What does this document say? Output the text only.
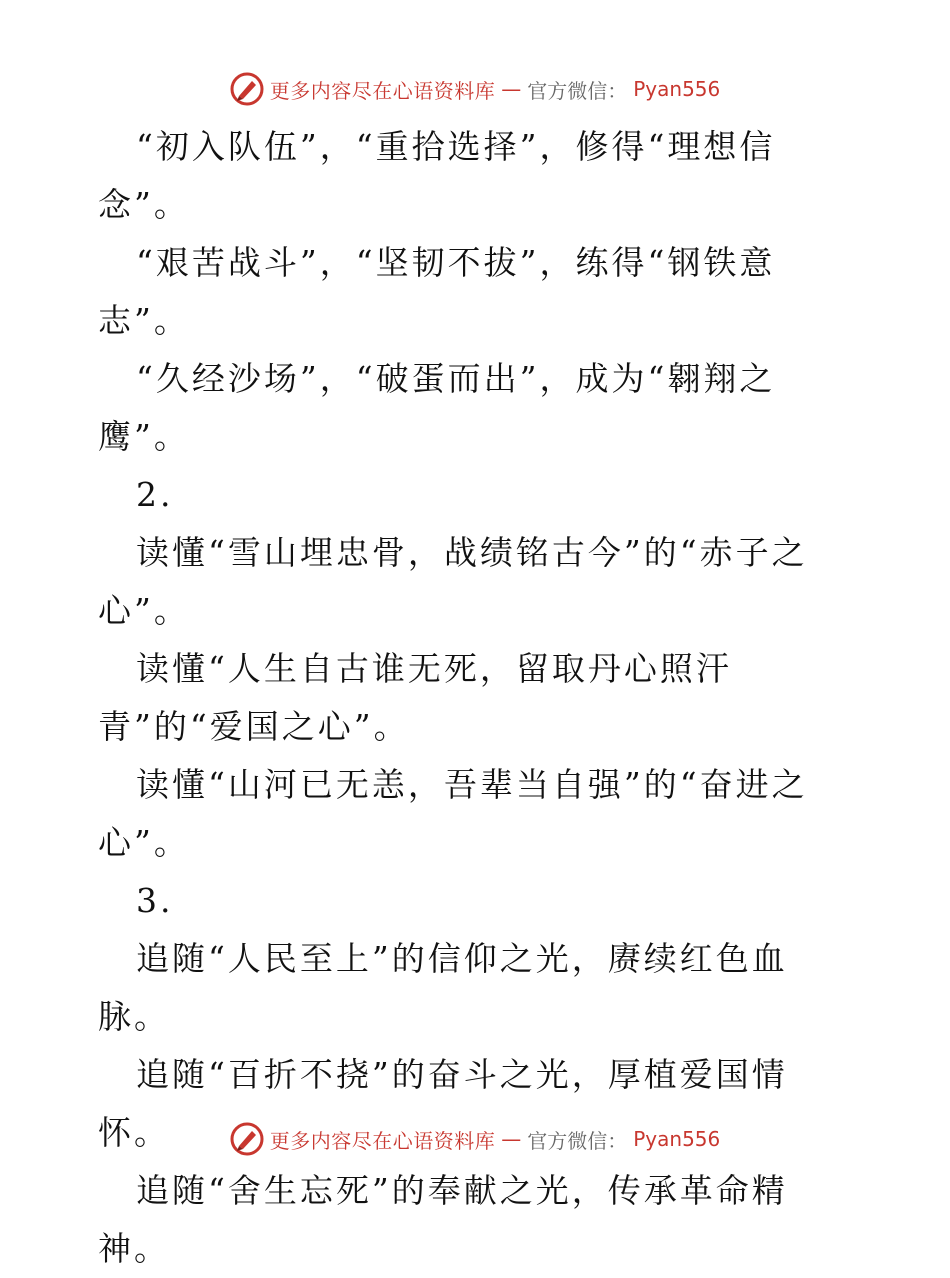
更多内容尽在心语资料库 — 官方微信： Pyan556

“初入队伍”，“重拾选择”，修得“理想信念”。

“艰苦战斗”，“坚韧不拔”，练得“钢铁意志”。

“久经沙场”，“破蛋而出”，成为“翱翔之鹰”。

2.

读懂“雪山埋忠骨，战绩铭古今”的“赤子之心”。

读懂“人生自古谁无死，留取丹心照汗

青”的“爱国之心”。

读懂“山河已无恙，吾辈当自强”的“奋进之心”。

3.

追随“人民至上”的信仰之光，赓续红色血脉。

追随“百折不挠”的奋斗之光，厚植爱国情怀。

追随“舍生忘死”的奉献之光，传承革命精神。

更多内容尽在心语资料库 — 官方微信： Pyan556
